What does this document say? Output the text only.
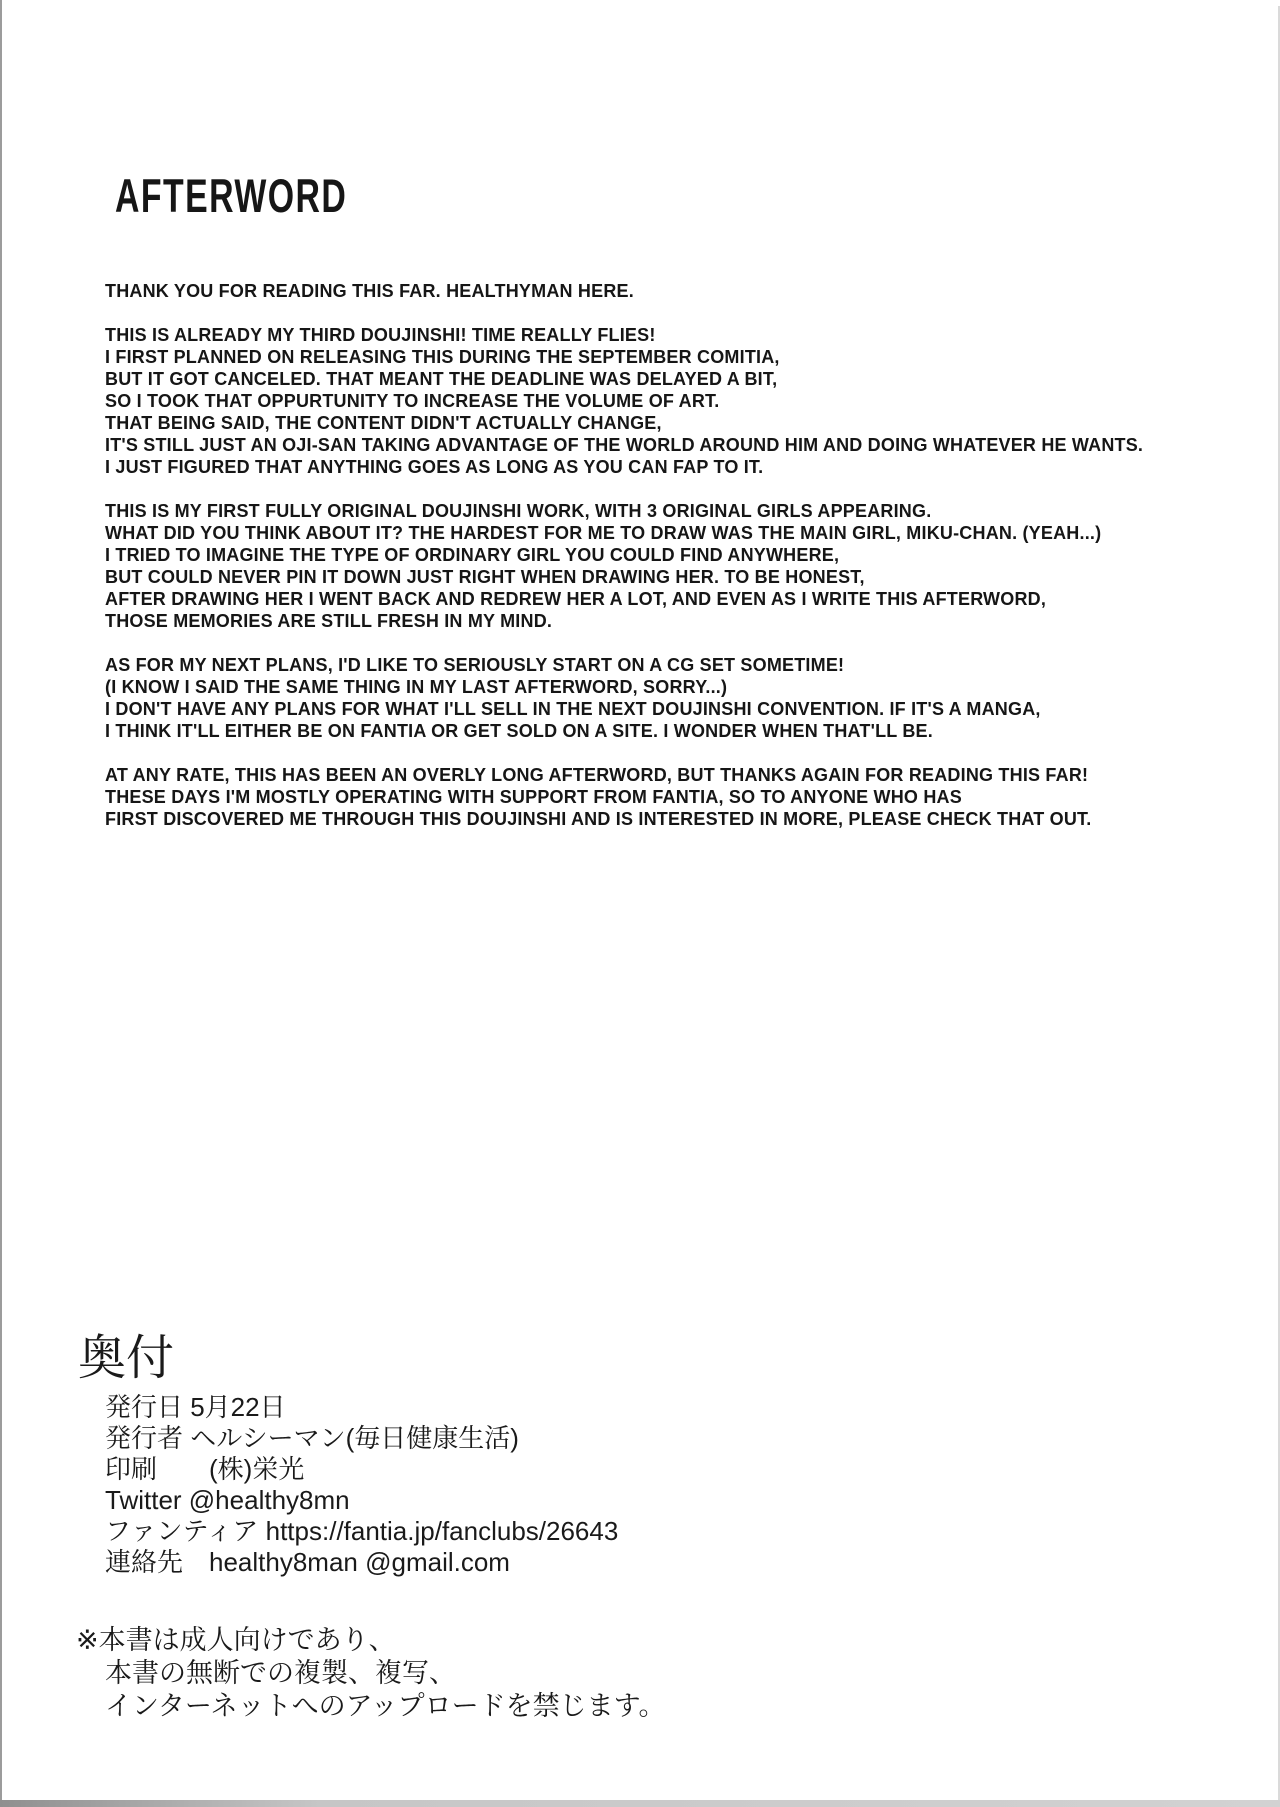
AFTERWORD
THANK YOU FOR READING THIS FAR. HEALTHYMAN HERE.
THIS IS ALREADY MY THIRD DOUJINSHI! TIME REALLY FLIES!
I FIRST PLANNED ON RELEASING THIS DURING THE SEPTEMBER COMITIA,
BUT IT GOT CANCELED. THAT MEANT THE DEADLINE WAS DELAYED A BIT,
SO I TOOK THAT OPPURTUNITY TO INCREASE THE VOLUME OF ART.
THAT BEING SAID, THE CONTENT DIDN'T ACTUALLY CHANGE,
IT'S STILL JUST AN OJI-SAN TAKING ADVANTAGE OF THE WORLD AROUND HIM AND DOING WHATEVER HE WANTS.
I JUST FIGURED THAT ANYTHING GOES AS LONG AS YOU CAN FAP TO IT.
THIS IS MY FIRST FULLY ORIGINAL DOUJINSHI WORK, WITH 3 ORIGINAL GIRLS APPEARING.
WHAT DID YOU THINK ABOUT IT? THE HARDEST FOR ME TO DRAW WAS THE MAIN GIRL, MIKU-CHAN. (YEAH...)
I TRIED TO IMAGINE THE TYPE OF ORDINARY GIRL YOU COULD FIND ANYWHERE,
BUT COULD NEVER PIN IT DOWN JUST RIGHT WHEN DRAWING HER. TO BE HONEST,
AFTER DRAWING HER I WENT BACK AND REDREW HER A LOT, AND EVEN AS I WRITE THIS AFTERWORD,
THOSE MEMORIES ARE STILL FRESH IN MY MIND.
AS FOR MY NEXT PLANS, I'D LIKE TO SERIOUSLY START ON A CG SET SOMETIME!
(I KNOW I SAID THE SAME THING IN MY LAST AFTERWORD, SORRY...)
I DON'T HAVE ANY PLANS FOR WHAT I'LL SELL IN THE NEXT DOUJINSHI CONVENTION. IF IT'S A MANGA,
I THINK IT'LL EITHER BE ON FANTIA OR GET SOLD ON A SITE. I WONDER WHEN THAT'LL BE.
AT ANY RATE, THIS HAS BEEN AN OVERLY LONG AFTERWORD, BUT THANKS AGAIN FOR READING THIS FAR!
THESE DAYS I'M MOSTLY OPERATING WITH SUPPORT FROM FANTIA, SO TO ANYONE WHO HAS
FIRST DISCOVERED ME THROUGH THIS DOUJINSHI AND IS INTERESTED IN MORE, PLEASE CHECK THAT OUT.
奥付
発行日 5月22日
発行者 ヘルシーマン(毎日健康生活)
印刷　　(株)栄光
Twitter @healthy8mn
ファンティア https://fantia.jp/fanclubs/26643
連絡先　healthy8man @gmail.com
※本書は成人向けであり、
本書の無断での複製、複写、
インターネットへのアップロードを禁じます。
